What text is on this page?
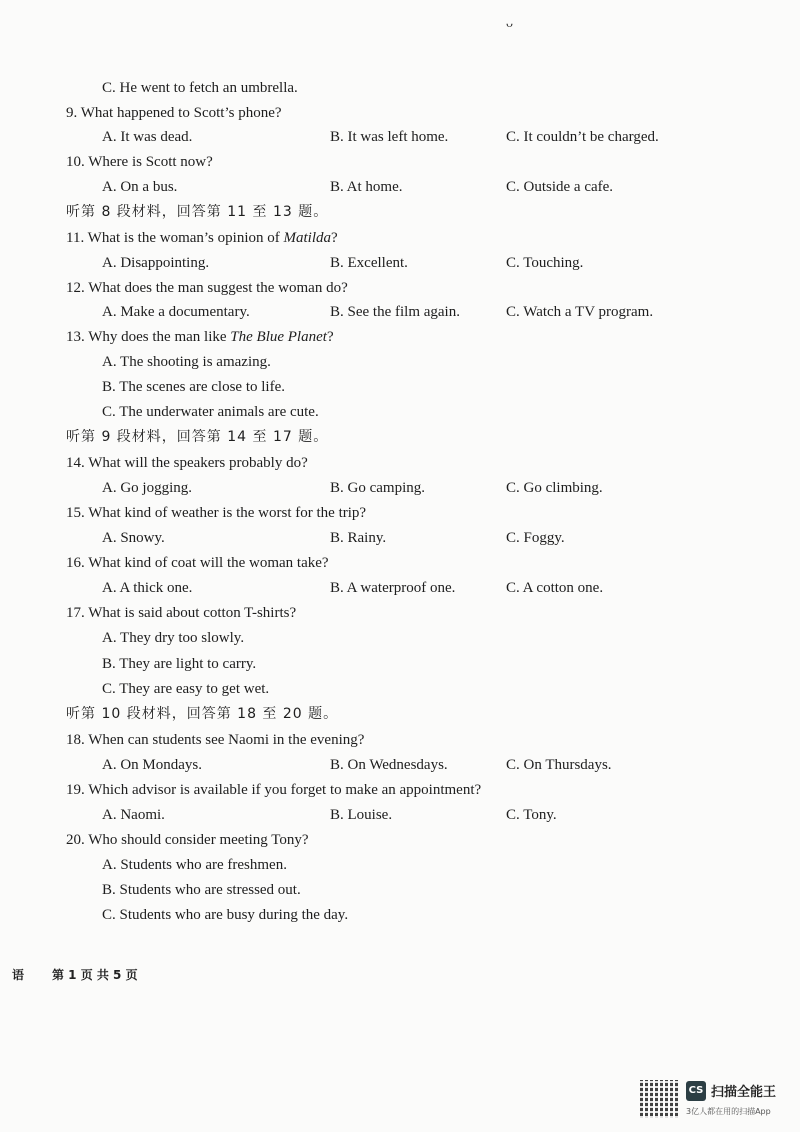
ᴗ
C. He went to fetch an umbrella.
9. What happened to Scott’s phone?
A. It was dead.	B. It was left home.	C. It couldn’t be charged.
10. Where is Scott now?
A. On a bus.	B. At home.	C. Outside a cafe.
听第 8 段材料，回答第 11 至 13 题。
11. What is the woman’s opinion of Matilda?
A. Disappointing.	B. Excellent.	C. Touching.
12. What does the man suggest the woman do?
A. Make a documentary.	B. See the film again.	C. Watch a TV program.
13. Why does the man like The Blue Planet?
A. The shooting is amazing.
B. The scenes are close to life.
C. The underwater animals are cute.
听第 9 段材料，回答第 14 至 17 题。
14. What will the speakers probably do?
A. Go jogging.	B. Go camping.	C. Go climbing.
15. What kind of weather is the worst for the trip?
A. Snowy.	B. Rainy.	C. Foggy.
16. What kind of coat will the woman take?
A. A thick one.	B. A waterproof one.	C. A cotton one.
17. What is said about cotton T-shirts?
A. They dry too slowly.
B. They are light to carry.
C. They are easy to get wet.
听第 10 段材料，回答第 18 至 20 题。
18. When can students see Naomi in the evening?
A. On Mondays.	B. On Wednesdays.	C. On Thursdays.
19. Which advisor is available if you forget to make an appointment?
A. Naomi.	B. Louise.	C. Tony.
20. Who should consider meeting Tony?
A. Students who are freshmen.
B. Students who are stressed out.
C. Students who are busy during the day.
语 第 1 页 共 5 页
CS 扫描全能王
3亿人都在用的扫描App
